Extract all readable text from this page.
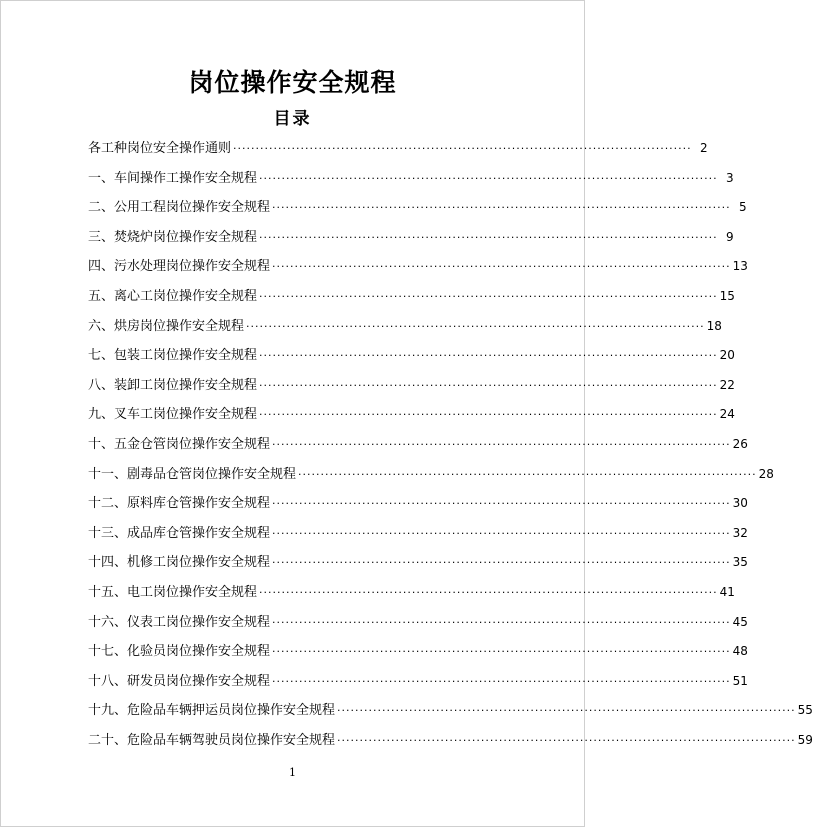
岗位操作安全规程
目录
各工种岗位安全操作通则 ······································································································ 2
一、车间操作工操作安全规程 ······································································································ 3
二、公用工程岗位操作安全规程 ······································································································ 5
三、焚烧炉岗位操作安全规程 ······································································································ 9
四、污水处理岗位操作安全规程 ······································································································ 13
五、离心工岗位操作安全规程 ······································································································ 15
六、烘房岗位操作安全规程 ······································································································ 18
七、包装工岗位操作安全规程 ······································································································ 20
八、装卸工岗位操作安全规程 ······································································································ 22
九、叉车工岗位操作安全规程 ······································································································ 24
十、五金仓管岗位操作安全规程 ······································································································ 26
十一、剧毒品仓管岗位操作安全规程 ······································································································ 28
十二、原料库仓管操作安全规程 ······································································································ 30
十三、成品库仓管操作安全规程 ······································································································ 32
十四、机修工岗位操作安全规程 ······································································································ 35
十五、电工岗位操作安全规程 ······································································································ 41
十六、仪表工岗位操作安全规程 ······································································································ 45
十七、化验员岗位操作安全规程 ······································································································ 48
十八、研发员岗位操作安全规程 ······································································································ 51
十九、危险品车辆押运员岗位操作安全规程 ······································································································ 55
二十、危险品车辆驾驶员岗位操作安全规程 ······································································································ 59
1
